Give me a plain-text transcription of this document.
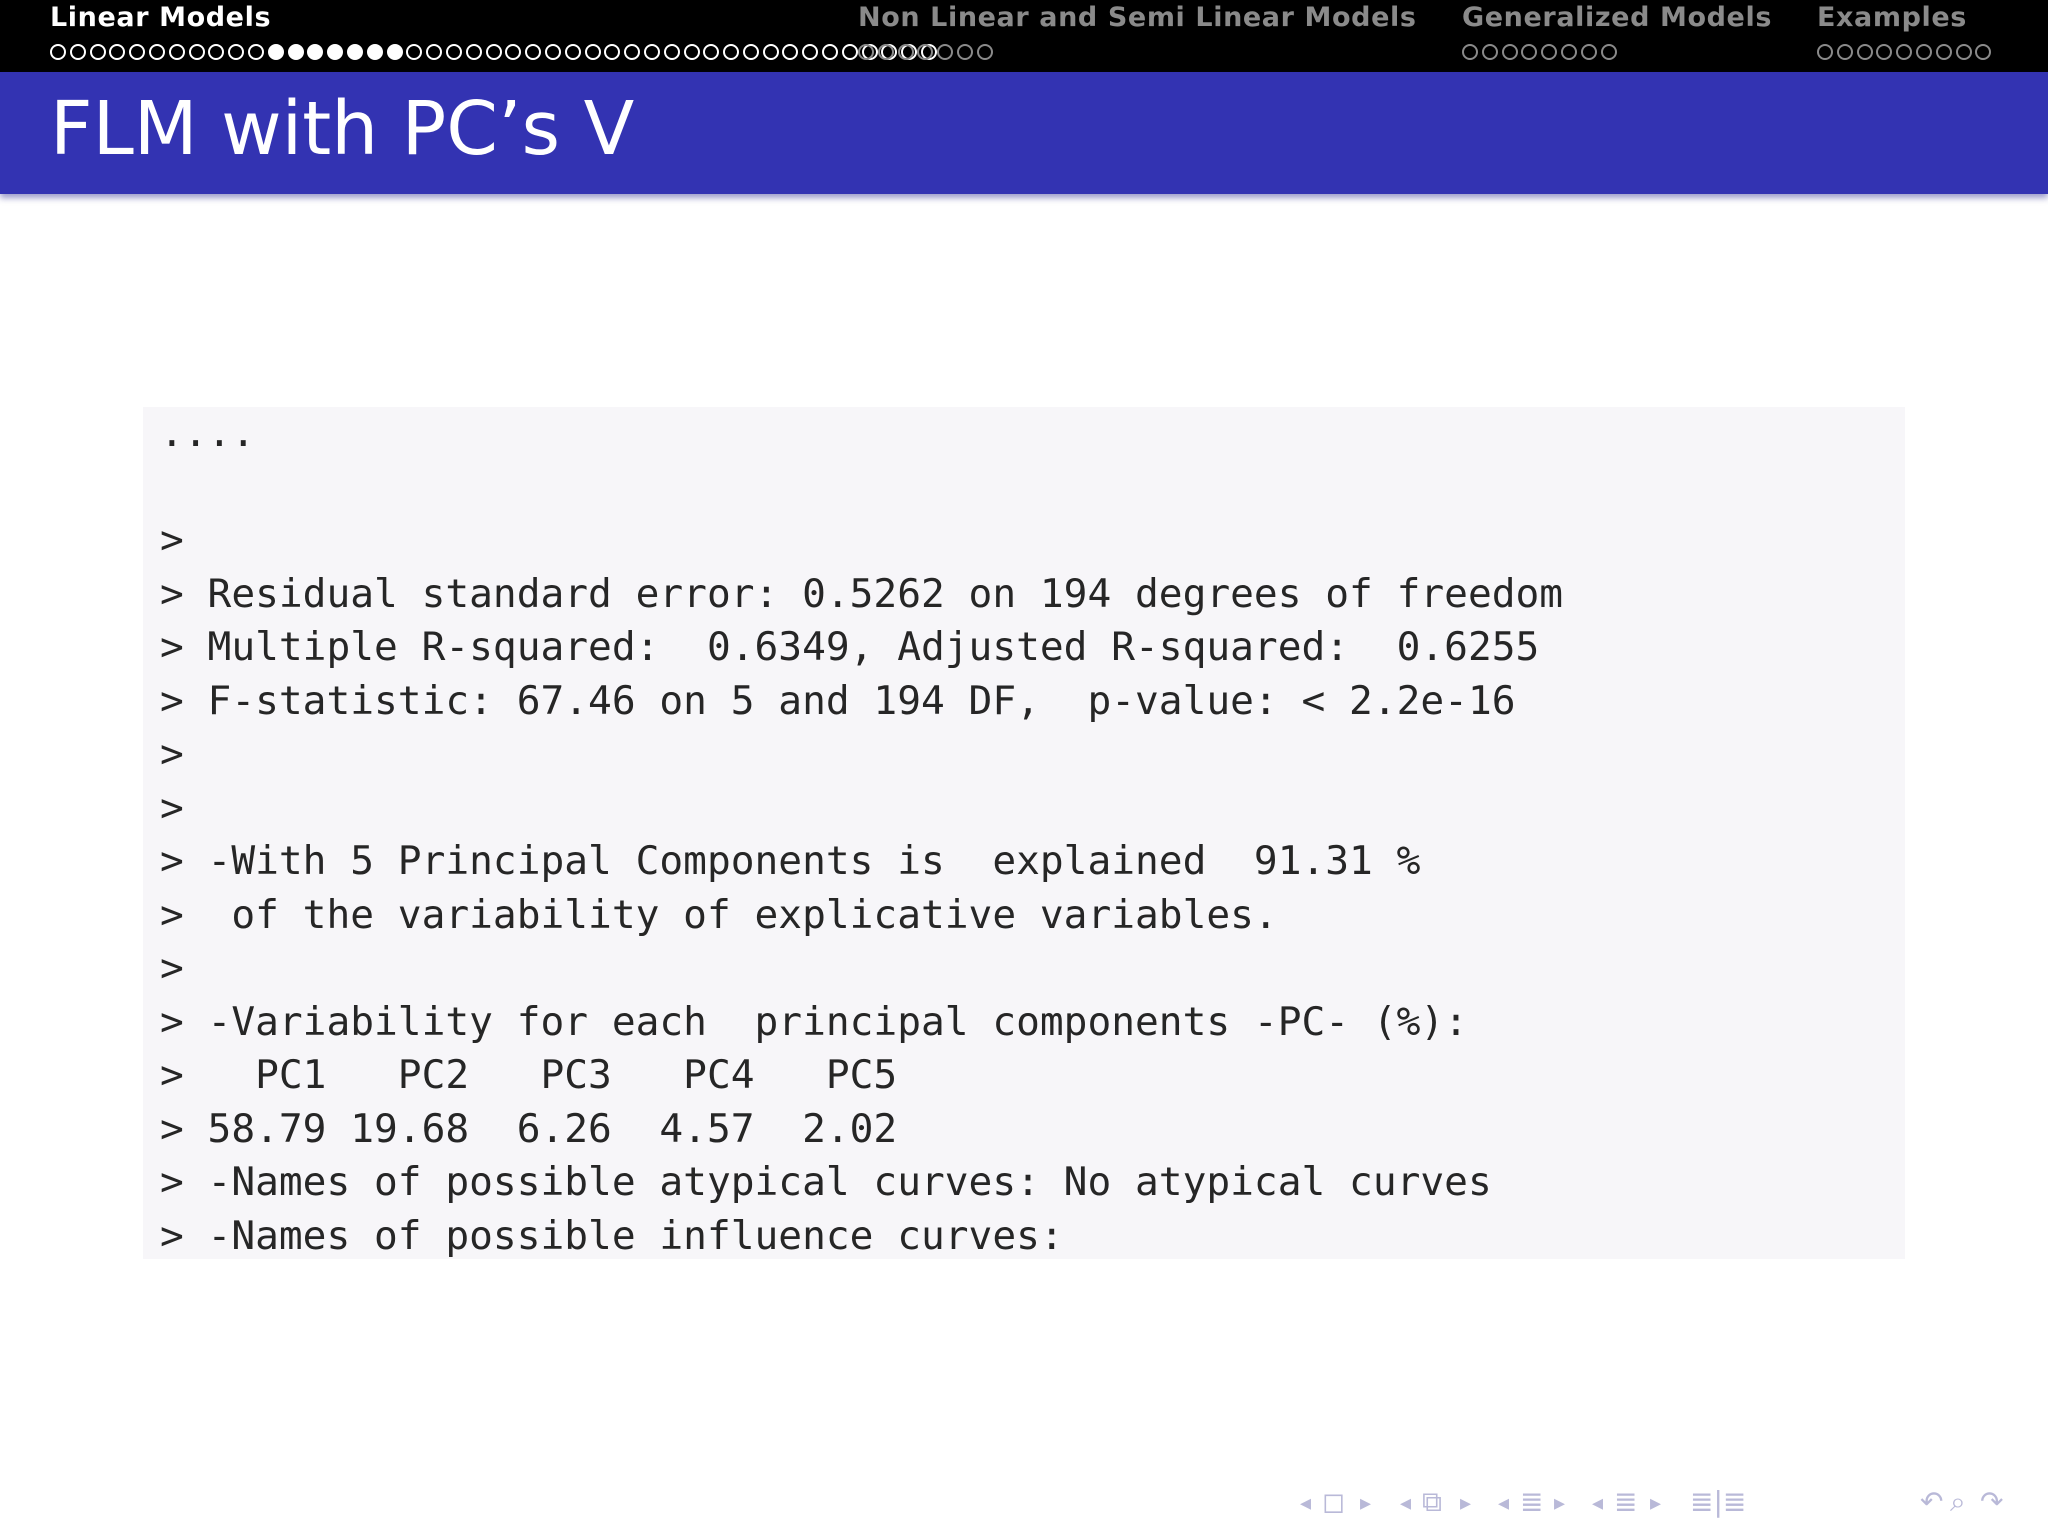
Linear Models	Non Linear and Semi Linear Models Generalized Models Examples
FLM with PC’s V
....

>
> Residual standard error: 0.5262 on 194 degrees of freedom
> Multiple R-squared:  0.6349, Adjusted R-squared:  0.6255
> F-statistic: 67.46 on 5 and 194 DF,  p-value: < 2.2e-16
>
>
> -With 5 Principal Components is  explained  91.31 %
>  of the variability of explicative variables.
>
> -Variability for each  principal components -PC- (%):
>   PC1   PC2   PC3   PC4   PC5
> 58.79 19.68  6.26  4.57  2.02
> -Names of possible atypical curves: No atypical curves
> -Names of possible influence curves:

◂ ◻ ▸ ◂ ⧉ ▸ ◂ ≣ ▸ ◂ ≣ ▸ ≣|≣	↶ ⌕ ↷
